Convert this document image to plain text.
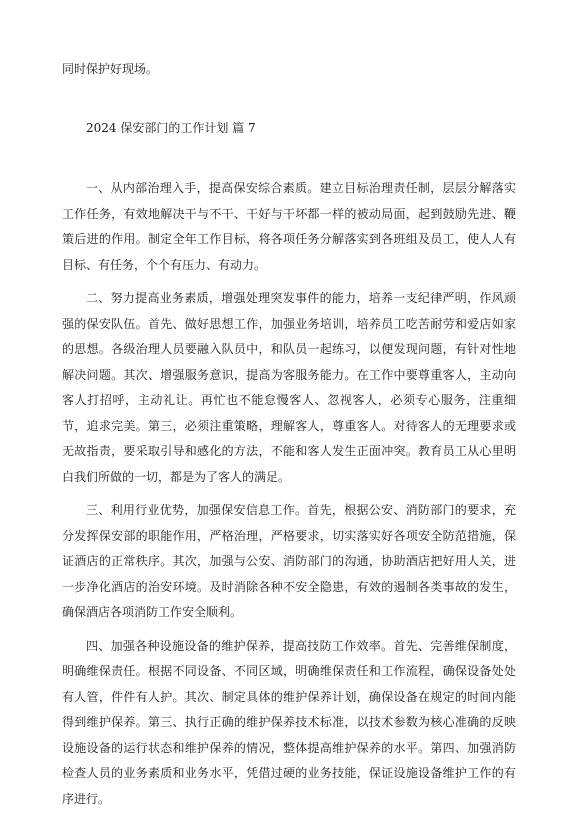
同时保护好现场。
2024 保安部门的工作计划 篇 7

一、从内部治理入手，提高保安综合素质。建立目标治理责任制，层层分解落实工作任务，有效地解决干与不干、干好与干坏都一样的被动局面，起到鼓励先进、鞭策后进的作用。制定全年工作目标，将各项任务分解落实到各班组及员工，使人人有目标、有任务，个个有压力、有动力。

二、努力提高业务素质，增强处理突发事件的能力，培养一支纪律严明，作风顽强的保安队伍。首先、做好思想工作，加强业务培训，培养员工吃苦耐劳和爱店如家的思想。各级治理人员要融入队员中，和队员一起练习，以便发现问题，有针对性地解决问题。其次、增强服务意识，提高为客服务能力。在工作中要尊重客人，主动向客人打招呼，主动礼让。再忙也不能怠慢客人、忽视客人，必须专心服务，注重细节，追求完美。第三，必须注重策略，理解客人，尊重客人。对待客人的无理要求或无故指责，要采取引导和感化的方法，不能和客人发生正面冲突。教育员工从心里明白我们所做的一切，都是为了客人的满足。

三、利用行业优势，加强保安信息工作。首先，根据公安、消防部门的要求，充分发挥保安部的职能作用，严格治理，严格要求，切实落实好各项安全防范措施，保证酒店的正常秩序。其次，加强与公安、消防部门的沟通，协助酒店把好用人关，进一步净化酒店的治安环境。及时消除各种不安全隐患，有效的遏制各类事故的发生，确保酒店各项消防工作安全顺利。

四、加强各种设施设备的维护保养，提高技防工作效率。首先、完善维保制度，明确维保责任。根据不同设备、不同区域，明确维保责任和工作流程，确保设备处处有人管，件件有人护。其次、制定具体的维护保养计划，确保设备在规定的时间内能得到维护保养。第三、执行正确的维护保养技术标准，以技术参数为核心准确的反映设施设备的运行状态和维护保养的情况，整体提高维护保养的水平。第四、加强消防检查人员的业务素质和业务水平，凭借过硬的业务技能，保证设施设备维护工作的有序进行。
